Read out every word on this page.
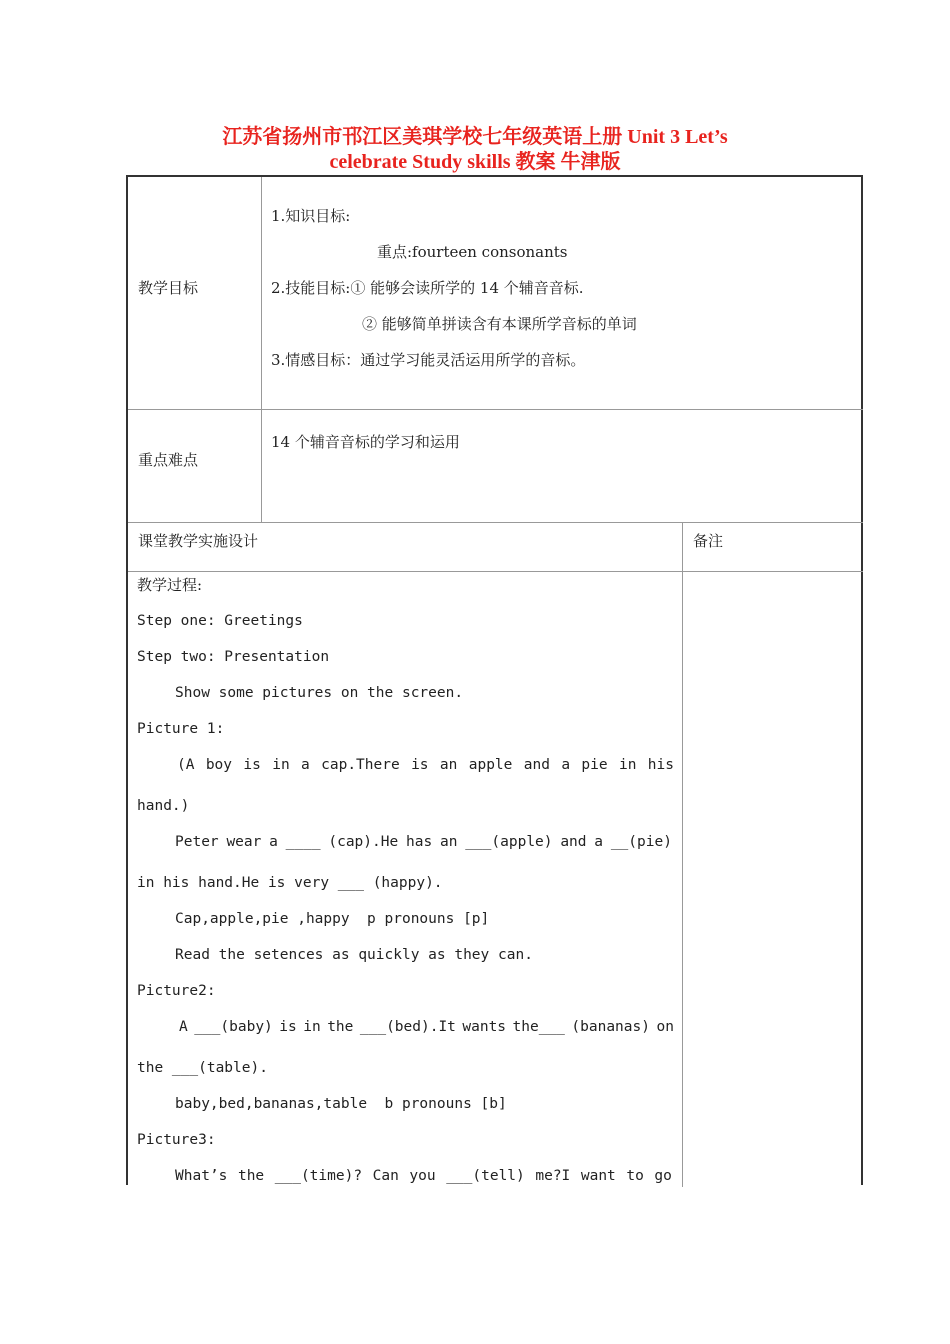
江苏省扬州市邗江区美琪学校七年级英语上册 Unit 3 Let’s
celebrate Study skills 教案 牛津版
教学目标
1.知识目标:
重点:fourteen consonants
2.技能目标:① 能够会读所学的 14 个辅音音标.
② 能够简单拼读含有本课所学音标的单词
3.情感目标：通过学习能灵活运用所学的音标。
重点难点
14 个辅音音标的学习和运用
课堂教学实施设计	备注
教学过程:
Step one: Greetings
Step two: Presentation
Show some pictures on the screen.
Picture 1:
(A boy is in a cap.There is an apple and a pie in his
hand.)
Peter wear a ____ (cap).He has an ___(apple) and a __(pie)
in his hand.He is very ___ (happy).
Cap,apple,pie ,happy  p pronouns [p]
Read the setences as quickly as they can.
Picture2:
A ___(baby) is in the ___(bed).It wants the___ (bananas) on
the ___(table).
baby,bed,bananas,table  b pronouns [b]
Picture3:
What’s the ___(time)? Can you ___(tell) me?I want to go
